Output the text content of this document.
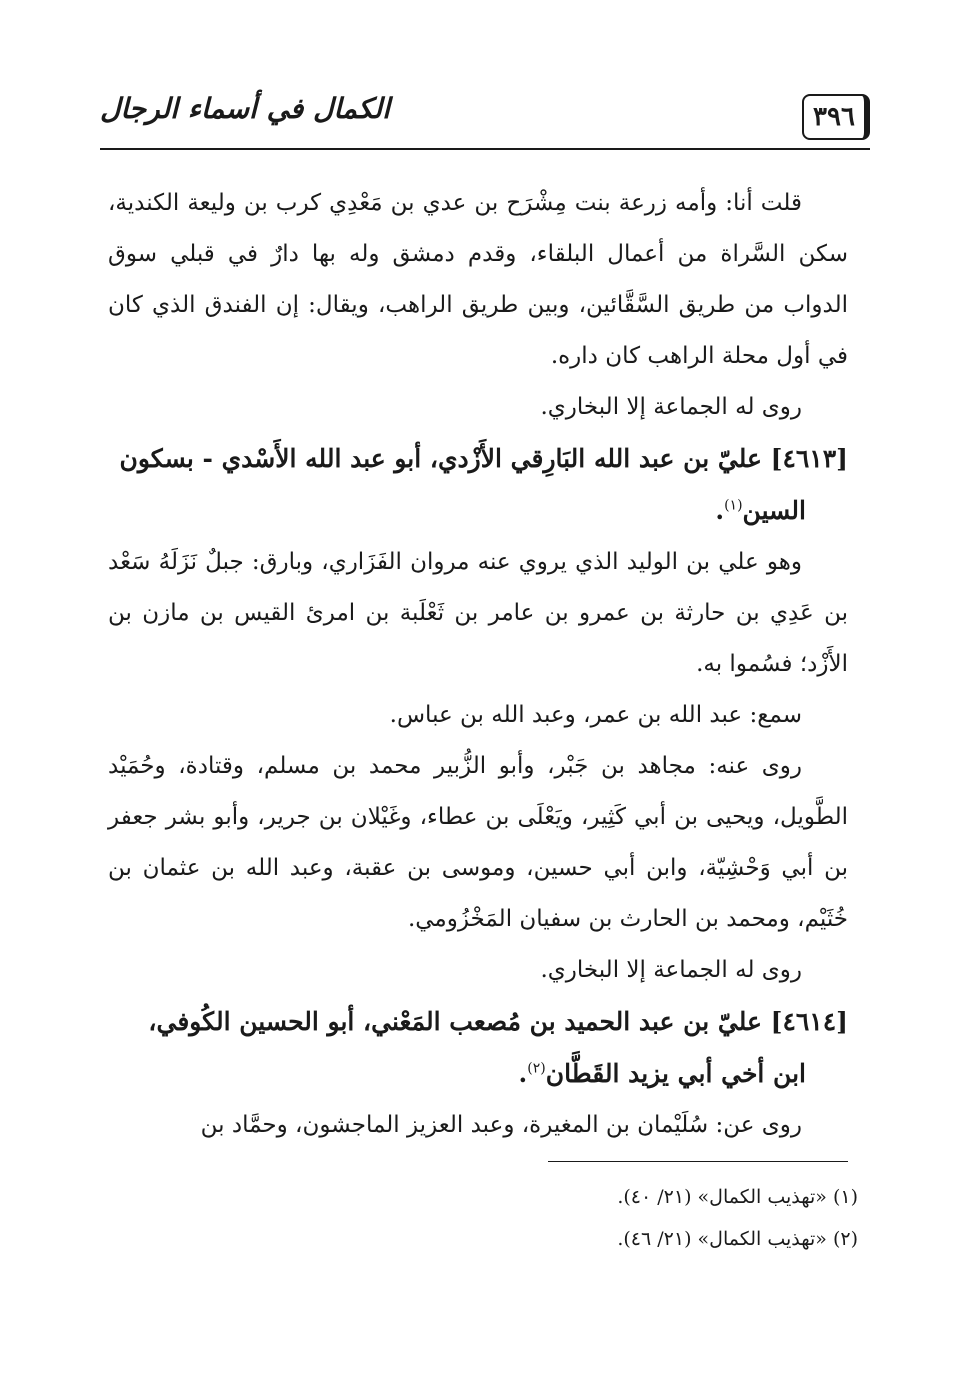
الكمال في أسماء الرجال	٣٩٦

قلت أنا: وأمه زرعة بنت مِشْرَح بن عدي بن مَعْدِي كرب بن وليعة الكندية، سكن السَّراة من أعمال البلقاء، وقدم دمشق وله بها دارٌ في قبلي سوق الدواب من طريق السَّقَّائين، وبين طريق الراهب، ويقال: إن الفندق الذي كان في أول محلة الراهب كان داره.

روى له الجماعة إلا البخاري.

[٤٦١٣] عليّ بن عبد الله البَارِقي الأَزْدي، أبو عبد الله الأَسْدي - بسكون
السين$^{(١)}$.

وهو علي بن الوليد الذي يروي عنه مروان الفَزَاري، وبارق: جبلٌ نَزَلَهُ سَعْد بن عَدِي بن حارثة بن عمرو بن عامر بن ثَعْلَبة بن امرئ القيس بن مازن بن الأَزْد؛ فسُموا به.

سمع: عبد الله بن عمر، وعبد الله بن عباس.

روى عنه: مجاهد بن جَبْر، وأبو الزُّبير محمد بن مسلم، وقتادة، وحُمَيْد الطَّويل، ويحيى بن أبي كَثِير، ويَعْلَى بن عطاء، وغَيْلان بن جرير، وأبو بشر جعفر بن أبي وَحْشِيّة، وابن أبي حسين، وموسى بن عقبة، وعبد الله بن عثمان بن خُثَيْم، ومحمد بن الحارث بن سفيان المَخْزُومي.

روى له الجماعة إلا البخاري.

[٤٦١٤] عليّ بن عبد الحميد بن مُصعب المَعْني، أبو الحسين الكُوفي،
ابن أخي أبي يزيد القَطَّان$^{(٢)}$.

روى عن: سُلَيْمان بن المغيرة، وعبد العزيز الماجشون، وحمَّاد بن

(١) «تهذيب الكمال» (٢١/ ٤٠).

(٢) «تهذيب الكمال» (٢١/ ٤٦).
